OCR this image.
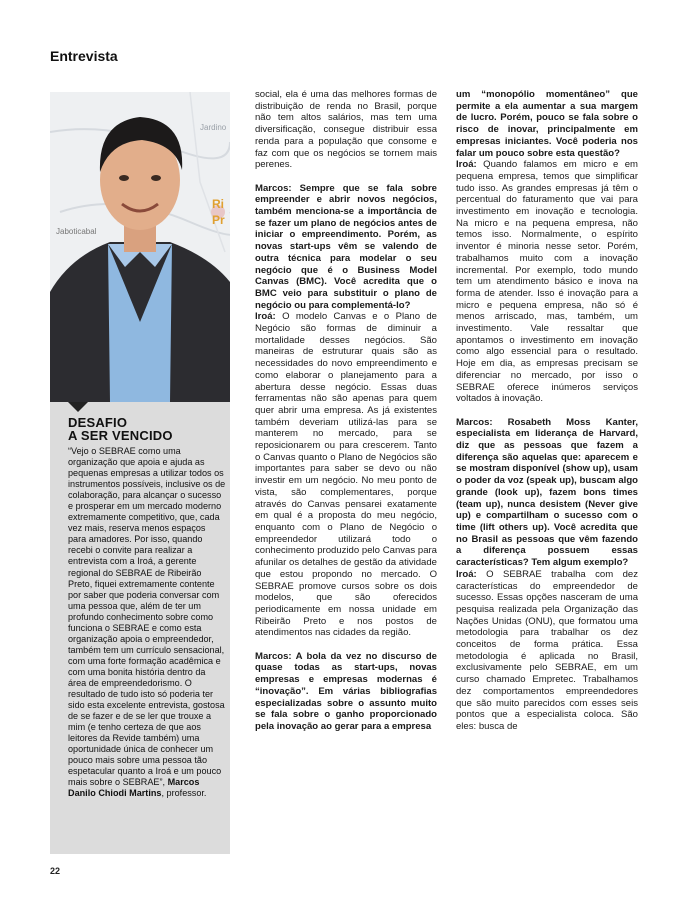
Entrevista
Jardino
Jaboticabal
Ri
Pr
DESAFIO
A SER VENCIDO
“Vejo o SEBRAE como uma organização que apoia e ajuda as pequenas empresas a utilizar todos os instrumentos possíveis, inclusive os de colaboração, para alcançar o sucesso e prosperar em um mercado moderno extremamente competitivo, que, cada vez mais, reserva menos espaços para amadores. Por isso, quando recebi o convite para realizar a entrevista com a Iroá, a gerente regional do SEBRAE de Ribeirão Preto, fiquei extremamente contente por saber que poderia conversar com uma pessoa que, além de ter um profundo conhecimento sobre como funciona o SEBRAE e como esta organização apoia o empreendedor, também tem um currículo sensacional, com uma forte formação acadêmica e com uma bonita história dentro da área de empreendedorismo. O resultado de tudo isto só poderia ter sido esta excelente entrevista, gostosa de se fazer e de se ler que trouxe a mim (e tenho certeza de que aos leitores da Revide também) uma oportunidade única de conhecer um pouco mais sobre uma pessoa tão espetacular quanto a Iroá e um pouco mais sobre o SEBRAE”, Marcos Danilo Chiodi Martins, professor.

social, ela é uma das melhores formas de distribuição de renda no Brasil, porque não tem altos salários, mas tem uma diversificação, consegue distribuir essa renda para a população que consome e faz com que os negócios se tornem mais perenes.

Marcos: Sempre que se fala sobre empreender e abrir novos negócios, também menciona-se a importância de se fazer um plano de negócios antes de iniciar o empreendimento. Porém, as novas start-ups vêm se valendo de outra técnica para modelar o seu negócio que é o Business Model Canvas (BMC). Você acredita que o BMC veio para substituir o plano de negócio ou para complementá-lo?

Iroá: O modelo Canvas e o Plano de Negócio são formas de diminuir a mortalidade desses negócios. São maneiras de estruturar quais são as necessidades do novo empreendimento e como elaborar o planejamento para a abertura desse negócio. Essas duas ferramentas não são apenas para quem quer abrir uma empresa. As já existentes também deveriam utilizá-las para se manterem no mercado, para se reposicionarem ou para crescerem. Tanto o Canvas quanto o Plano de Negócios são importantes para saber se devo ou não investir em um negócio. No meu ponto de vista, são complementares, porque através do Canvas pensarei exatamente em qual é a proposta do meu negócio, enquanto com o Plano de Negócio o empreendedor utilizará todo o conhecimento produzido pelo Canvas para afunilar os detalhes de gestão da atividade que estou propondo no mercado. O SEBRAE promove cursos sobre os dois modelos, que são oferecidos periodicamente em nossa unidade em Ribeirão Preto e nos postos de atendimentos nas cidades da região.

Marcos: A bola da vez no discurso de quase todas as start-ups, novas empresas e empresas modernas é “inovação”. Em várias bibliografias especializadas sobre o assunto muito se fala sobre o ganho proporcionado pela inovação ao gerar para a empresa

um “monopólio momentâneo” que permite a ela aumentar a sua margem de lucro. Porém, pouco se fala sobre o risco de inovar, principalmente em empresas iniciantes. Você poderia nos falar um pouco sobre esta questão?

Iroá: Quando falamos em micro e em pequena empresa, temos que simplificar tudo isso. As grandes empresas já têm o percentual do faturamento que vai para investimento em inovação e tecnologia. Na micro e na pequena empresa, não temos isso. Normalmente, o espírito inventor é minoria nesse setor. Porém, trabalhamos muito com a inovação incremental. Por exemplo, todo mundo tem um atendimento básico e inova na forma de atender. Isso é inovação para a micro e pequena empresa, não só é menos arriscado, mas, também, um investimento. Vale ressaltar que apontamos o investimento em inovação como algo essencial para o resultado. Hoje em dia, as empresas precisam se diferenciar no mercado, por isso o SEBRAE oferece inúmeros serviços voltados à inovação.

Marcos: Rosabeth Moss Kanter, especialista em liderança de Harvard, diz que as pessoas que fazem a diferença são aquelas que: aparecem e se mostram disponível (show up), usam o poder da voz (speak up), buscam algo grande (look up), fazem bons times (team up), nunca desistem (Never give up) e compartilham o sucesso com o time (lift others up). Você acredita que no Brasil as pessoas que vêm fazendo a diferença possuem essas características? Tem algum exemplo?

Iroá: O SEBRAE trabalha com dez características do empreendedor de sucesso. Essas opções nasceram de uma pesquisa realizada pela Organização das Nações Unidas (ONU), que formatou uma metodologia para trabalhar os dez conceitos de forma prática. Essa metodologia é aplicada no Brasil, exclusivamente pelo SEBRAE, em um curso chamado Empretec. Trabalhamos dez comportamentos empreendedores que são muito parecidos com esses seis pontos que a especialista coloca. São eles: busca de

22
